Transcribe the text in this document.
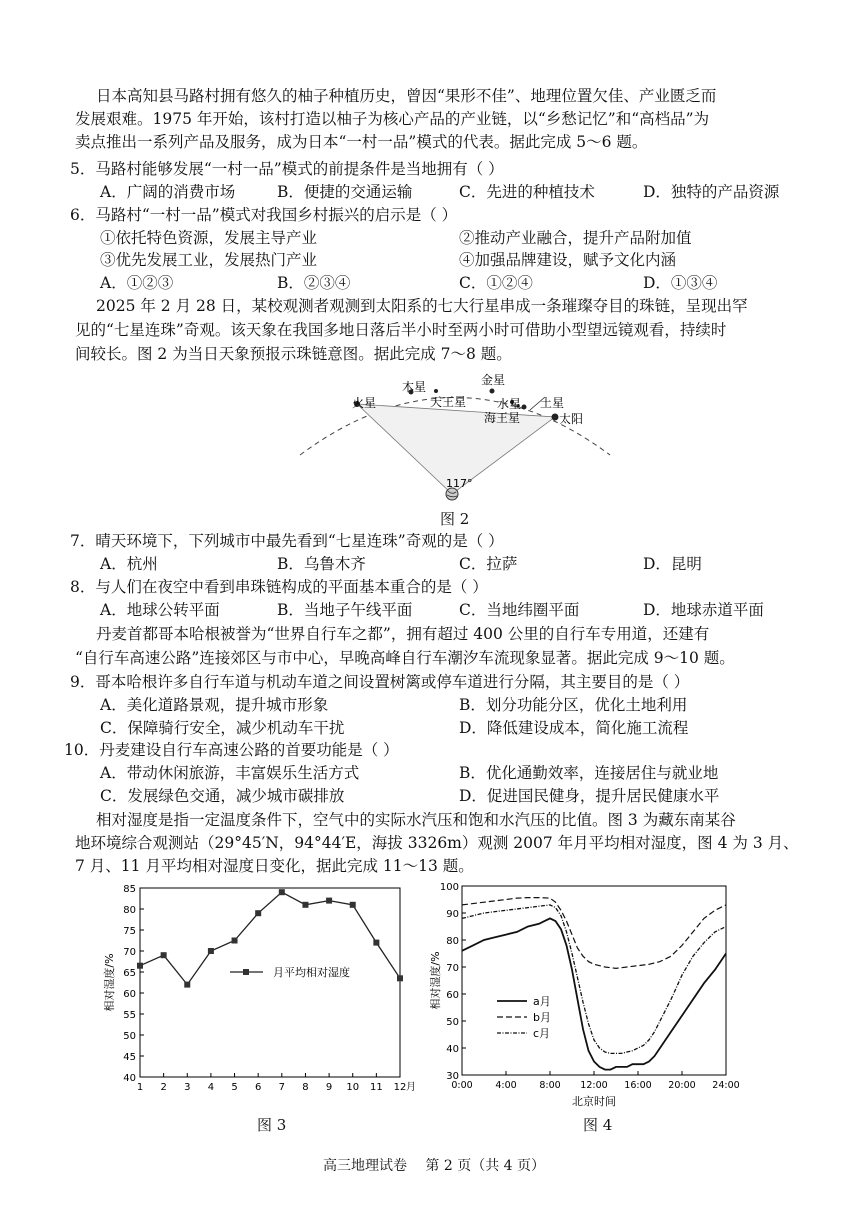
日本高知县马路村拥有悠久的柚子种植历史，曾因“果形不佳”、地理位置欠佳、产业匮乏而
发展艰难。1975 年开始，该村打造以柚子为核心产品的产业链，以“乡愁记忆”和“高档品”为
卖点推出一系列产品及服务，成为日本“一村一品”模式的代表。据此完成 5～6 题。
5．马路村能够发展“一村一品”模式的前提条件是当地拥有（ ）
A．广阔的消费市场	B．便捷的交通运输	C．先进的种植技术	D．独特的产品资源
6．马路村“一村一品”模式对我国乡村振兴的启示是（ ）
①依托特色资源，发展主导产业	②推动产业融合，提升产品附加值
③优先发展工业，发展热门产业	④加强品牌建设，赋予文化内涵
A．①②③	B．②③④	C．①②④	D．①③④
2025 年 2 月 28 日，某校观测者观测到太阳系的七大行星串成一条璀璨夺目的珠链，呈现出罕
见的“七星连珠”奇观。该天象在我国多地日落后半小时至两小时可借助小型望远镜观看，持续时
间较长。图 2 为当日天象预报示珠链意图。据此完成 7～8 题。
火星
木星
天王星
金星
水星 土星
海王星	太阳
117°
图 2
7．晴天环境下，下列城市中最先看到“七星连珠”奇观的是（ ）
A．杭州	B．乌鲁木齐	C．拉萨	D．昆明
8．与人们在夜空中看到串珠链构成的平面基本重合的是（ ）
A．地球公转平面	B．当地子午线平面	C．当地纬圈平面	D．地球赤道平面
丹麦首都哥本哈根被誉为“世界自行车之都”，拥有超过 400 公里的自行车专用道，还建有
“自行车高速公路”连接郊区与市中心，早晚高峰自行车潮汐车流现象显著。据此完成 9～10 题。
9．哥本哈根许多自行车道与机动车道之间设置树篱或停车道进行分隔，其主要目的是（ ）
A．美化道路景观，提升城市形象	B．划分功能分区，优化土地利用
C．保障骑行安全，减少机动车干扰	D．降低建设成本，简化施工流程
10．丹麦建设自行车高速公路的首要功能是（ ）
A．带动休闲旅游，丰富娱乐生活方式	B．优化通勤效率，连接居住与就业地
C．发展绿色交通，减少城市碳排放	D．促进国民健身，提升居民健康水平
相对湿度是指一定温度条件下，空气中的实际水汽压和饱和水汽压的比值。图 3 为藏东南某谷
地环境综合观测站（29°45′N，94°44′E，海拔 3326m）观测 2007 年月平均相对湿度，图 4 为 3 月、
7 月、11 月平均相对湿度日变化，据此完成 11～13 题。
40
45
50
55
60
65
70
75
80
85
1 2 3 4 5 6 7 8 9 10 11 12 月
相对湿度/%	月平均相对湿度
图 3
30
40
50
60
70
80
90
100
0:00 4:00 8:00 12:00 16:00 20:00 24:00
北京时间
相对湿度/%	a月
b月
c月
图 4
高三地理试卷　 第 2 页（共 4 页）
